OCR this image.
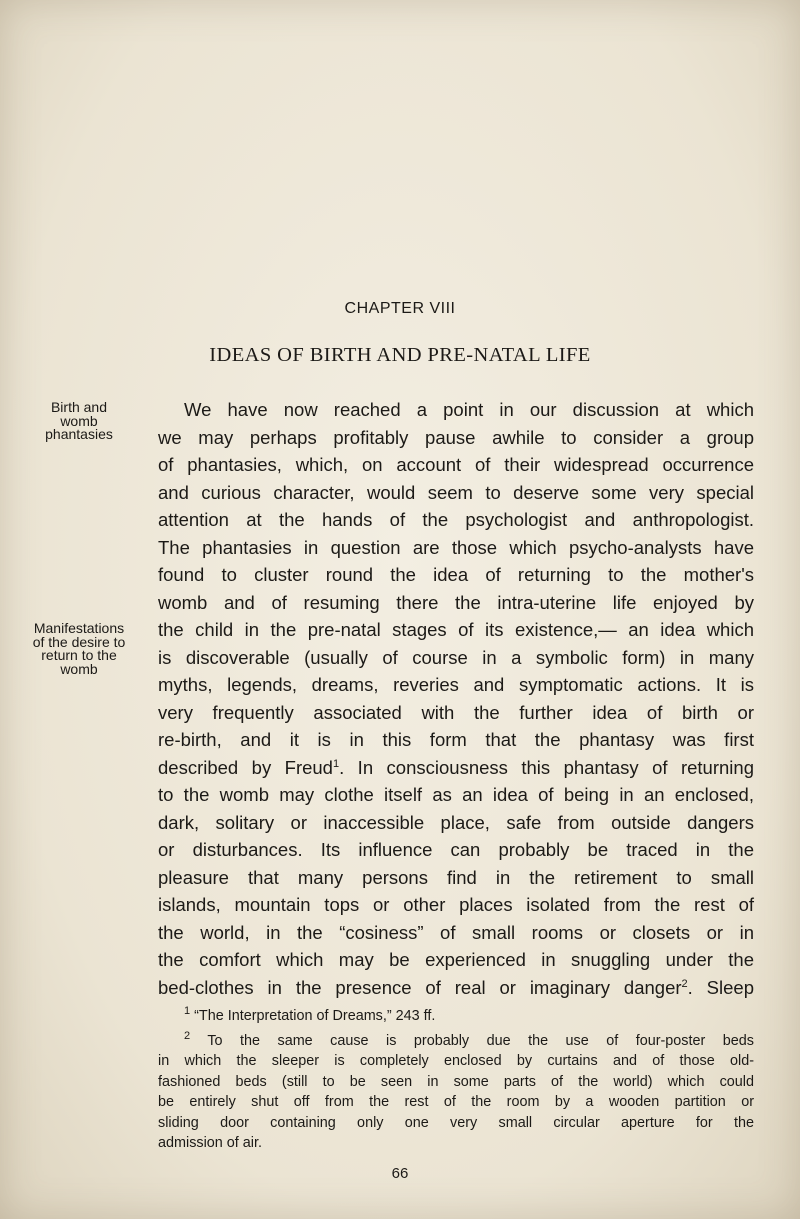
CHAPTER VIII
IDEAS OF BIRTH AND PRE-NATAL LIFE
Birth and
womb
phantasies
Manifestations
of the desire to
return to the
womb
We have now reached a point in our discussion at which
we may perhaps profitably pause awhile to consider a group
of phantasies, which, on account of their widespread occurrence
and curious character, would seem to deserve some very special
attention at the hands of the psychologist and anthropologist.
The phantasies in question are those which psycho-analysts have
found to cluster round the idea of returning to the mother's
womb and of resuming there the intra-uterine life enjoyed by
the child in the pre-natal stages of its existence,— an idea which
is discoverable (usually of course in a symbolic form) in many
myths, legends, dreams, reveries and symptomatic actions. It is
very frequently associated with the further idea of birth or
re-birth, and it is in this form that the phantasy was first
described by Freud$^1$. In consciousness this phantasy of returning
to the womb may clothe itself as an idea of being in an enclosed,
dark, solitary or inaccessible place, safe from outside dangers
or disturbances. Its influence can probably be traced in the
pleasure that many persons find in the retirement to small
islands, mountain tops or other places isolated from the rest of
the world, in the “cosiness” of small rooms or closets or in
the comfort which may be experienced in snuggling under the
bed-clothes in the presence of real or imaginary danger$^2$. Sleep
$^1$ “The Interpretation of Dreams,” 243 ff.
$^2$ To the same cause is probably due the use of four-poster beds
in which the sleeper is completely enclosed by curtains and of those old-
fashioned beds (still to be seen in some parts of the world) which could
be entirely shut off from the rest of the room by a wooden partition or
sliding door containing only one very small circular aperture for the
admission of air.
66
